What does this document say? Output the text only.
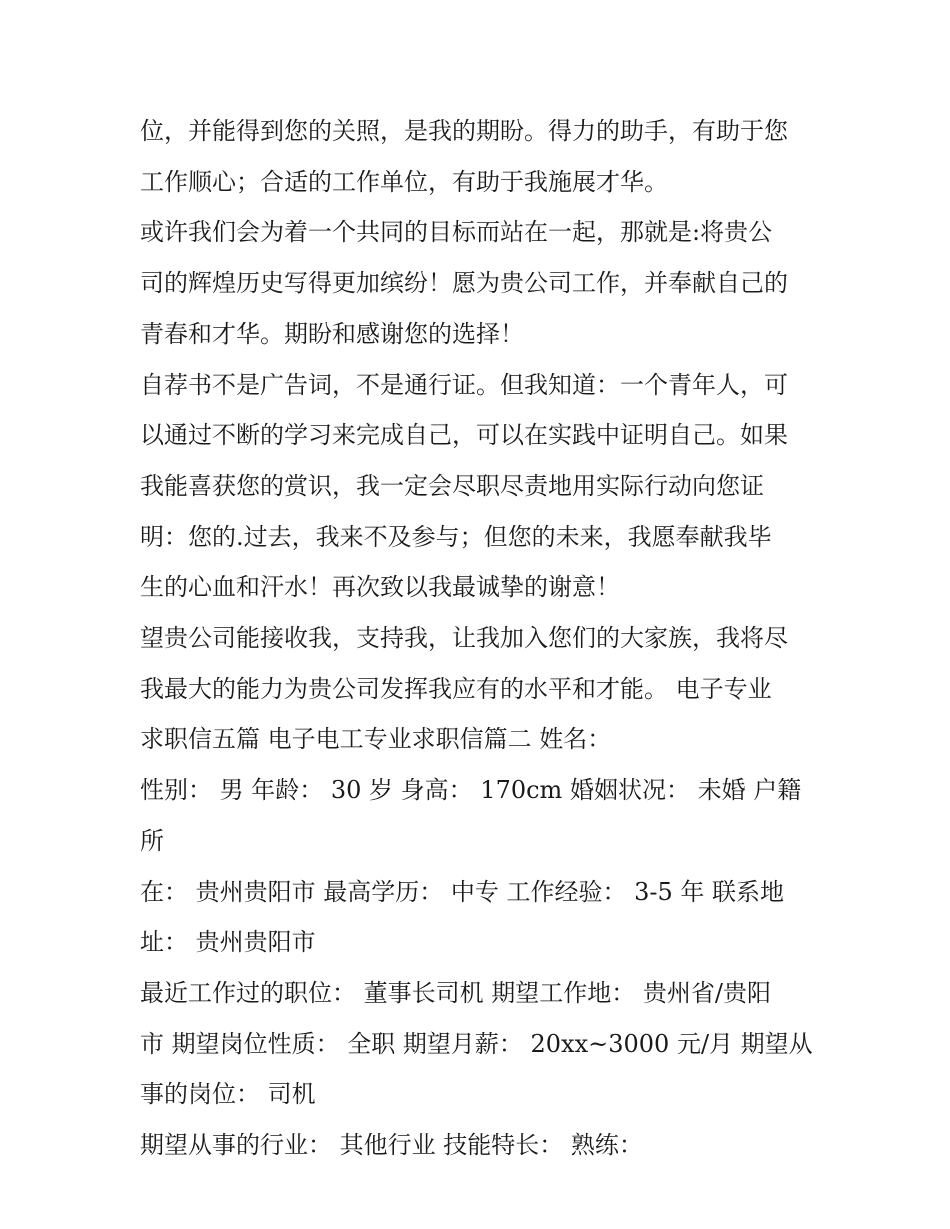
位，并能得到您的关照，是我的期盼。得力的助手，有助于您
工作顺心；合适的工作单位，有助于我施展才华。

或许我们会为着一个共同的目标而站在一起，那就是:将贵公
司的辉煌历史写得更加缤纷！愿为贵公司工作，并奉献自己的
青春和才华。期盼和感谢您的选择！

自荐书不是广告词，不是通行证。但我知道：一个青年人，可
以通过不断的学习来完成自己，可以在实践中证明自己。如果
我能喜获您的赏识，我一定会尽职尽责地用实际行动向您证
明：您的.过去，我来不及参与；但您的未来，我愿奉献我毕
生的心血和汗水！再次致以我最诚挚的谢意！

望贵公司能接收我，支持我，让我加入您们的大家族，我将尽
我最大的能力为贵公司发挥我应有的水平和才能。 电子专业
求职信五篇 电子电工专业求职信篇二 姓名：

性别： 男 年龄： 30 岁 身高： 170cm 婚姻状况： 未婚 户籍所
在： 贵州贵阳市 最高学历： 中专 工作经验： 3-5 年 联系地
址： 贵州贵阳市

最近工作过的职位： 董事长司机 期望工作地： 贵州省/贵阳
市 期望岗位性质： 全职 期望月薪： 20xx~3000 元/月 期望从
事的岗位： 司机

期望从事的行业： 其他行业 技能特长： 熟练：
